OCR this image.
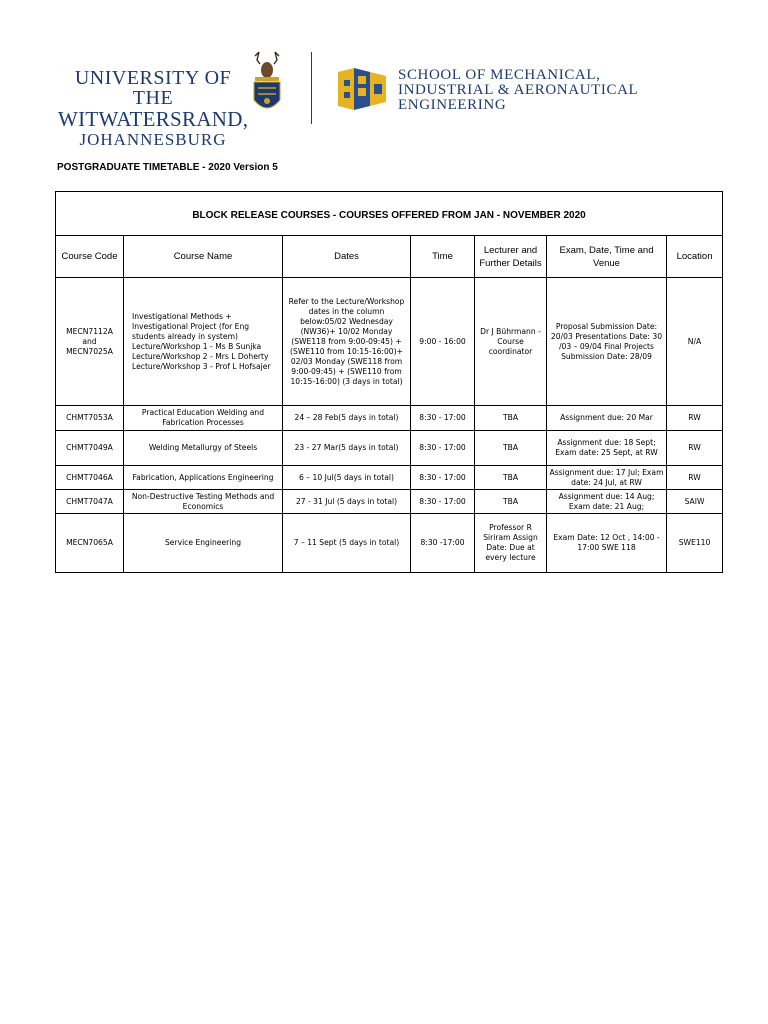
UNIVERSITY OF THE
WITWATERSRAND,
JOHANNESBURG
SCHOOL OF MECHANICAL,
INDUSTRIAL & AERONAUTICAL
ENGINEERING
POSTGRADUATE TIMETABLE - 2020 Version 5
BLOCK RELEASE COURSES - COURSES OFFERED FROM JAN - NOVEMBER 2020						
Course Code	Course Name	Dates	Time	Lecturer and Further Details	Exam, Date, Time and Venue	Location
MECN7112A and MECN7025A	Investigational Methods + Investigational Project (for Eng students already in system) Lecture/Workshop 1 - Ms B Sunjka Lecture/Workshop 2 - Mrs L Doherty Lecture/Workshop 3 - Prof L Hofsajer	Refer to the Lecture/Workshop dates in the column below:05/02 Wednesday (NW36)+ 10/02 Monday (SWE118 from 9:00-09:45) + (SWE110 from 10:15-16:00)+ 02/03 Monday (SWE118 from 9:00-09:45) + (SWE110 from 10:15-16:00) (3 days in total)	9:00 - 16:00	Dr J Bührmann - Course coordinator	Proposal Submission Date: 20/03 Presentations Date: 30 /03 – 09/04 Final Projects Submission Date: 28/09	N/A
CHMT7053A	Practical Education Welding and Fabrication Processes	24 – 28 Feb(5 days in total)	8:30 - 17:00	TBA	Assignment due: 20 Mar	RW
CHMT7049A	Welding Metallurgy of Steels	23 - 27 Mar(5 days in total)	8:30 - 17:00	TBA	Assignment due: 18 Sept; Exam date: 25 Sept, at RW	RW
CHMT7046A	Fabrication, Applications Engineering	6 – 10 Jul(5 days in total)	8:30 - 17:00	TBA	Assignment due: 17 Jul; Exam date: 24 Jul, at RW	RW
CHMT7047A	Non-Destructive Testing Methods and Economics	27 - 31 Jul (5 days in total)	8:30 - 17:00	TBA	Assignment due: 14 Aug; Exam date: 21 Aug;	SAIW
MECN7065A	Service Engineering	7 – 11 Sept (5 days in total)	8:30 -17:00	Professor R Siriram Assign Date: Due at every lecture	Exam Date: 12 Oct , 14:00 - 17:00 SWE 118	SWE110
